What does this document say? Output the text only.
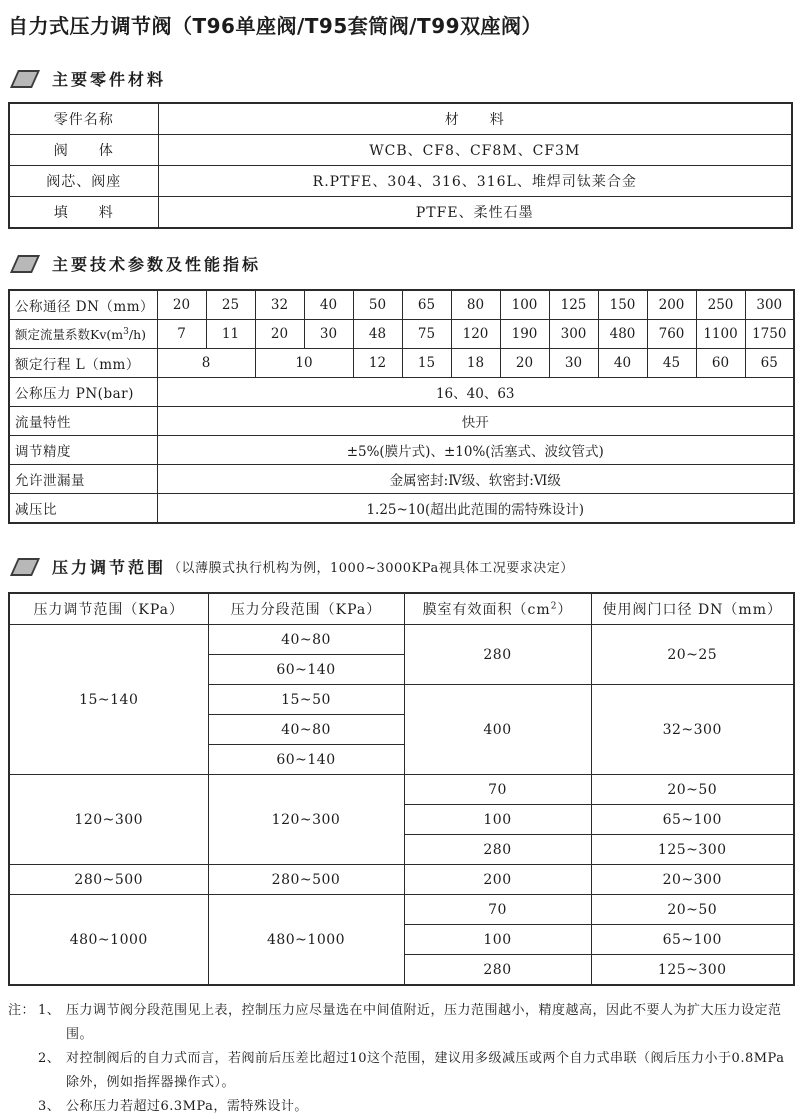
自力式压力调节阀（T96单座阀/T95套筒阀/T99双座阀）
主要零件材料
零件名称	材　　料
阀　　体	WCB、CF8、CF8M、CF3M
阀芯、阀座	R.PTFE、304、316、316L、堆焊司钛莱合金
填　　料	PTFE、柔性石墨
主要技术参数及性能指标
公称通径 DN（mm）	20	25	32	40	50	65	80	100	125	150	200	250	300
额定流量系数$Kv(m^3/h)$	7	11	20	30	48	75	120	190	300	480	760	1100	1750
额定行程 L（mm）	8		10		12	15	18	20	30	40	45	60	65
公称压力 PN(bar)	16、40、63												
流量特性	快开												
调节精度	±5%(膜片式)、±10%(活塞式、波纹管式)												
允许泄漏量	金属密封:Ⅳ级、软密封:Ⅵ级												
减压比	1.25~10(超出此范围的需特殊设计)												
压力调节范围 （以薄膜式执行机构为例，1000~3000KPa视具体工况要求决定）
压力调节范围（KPa）	压力分段范围（KPa）	膜室有效面积$(cm^2)$	使用阀门口径 DN（mm）
15~140	40~80	280	20~25
	60~140		
	15~50	400	32~300
	40~80		
	60~140		
120~300	120~300	70	20~50
		100	65~100
		280	125~300
280~500	280~500	200	20~300
480~1000	480~1000	70	20~50
		100	65~100
		280	125~300
注： 1、 压力调节阀分段范围见上表，控制压力应尽量选在中间值附近，压力范围越小，精度越高，因此不要人为扩大压力设定范围。
2、 对控制阀后的自力式而言，若阀前后压差比超过10这个范围，建议用多级减压或两个自力式串联（阀后压力小于0.8MPa除外，例如指挥器操作式）。
3、 公称压力若超过6.3MPa，需特殊设计。
